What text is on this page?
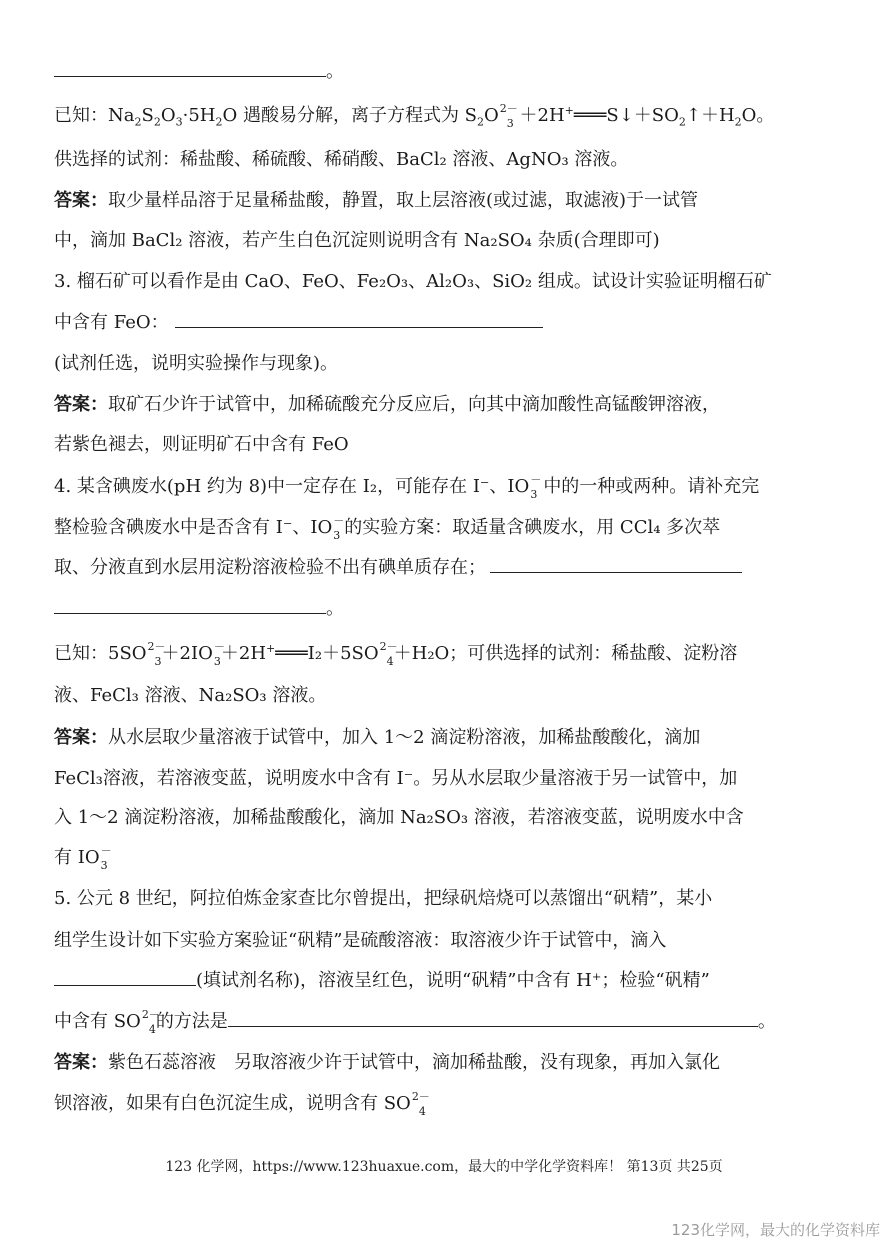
。
已知：$Na_2S_2O_3\cdot 5H_2O$ 遇酸易分解，离子方程式为 $S_2O^{2-}_3$ $+2H^+═══S↓+SO_2↑+H_2O$。
供选择的试剂：稀盐酸、稀硫酸、稀硝酸、BaCl₂ 溶液、AgNO₃ 溶液。
答案：取少量样品溶于足量稀盐酸，静置，取上层溶液(或过滤，取滤液)于一试管
中，滴加 BaCl₂ 溶液，若产生白色沉淀则说明含有 Na₂SO₄ 杂质(合理即可)
3. 榴石矿可以看作是由 CaO、FeO、Fe₂O₃、Al₂O₃、SiO₂ 组成。试设计实验证明榴石矿
中含有 FeO：
(试剂任选，说明实验操作与现象)。
答案：取矿石少许于试管中，加稀硫酸充分反应后，向其中滴加酸性高锰酸钾溶液，
若紫色褪去，则证明矿石中含有 FeO
4. 某含碘废水(pH 约为 8)中一定存在 I₂，可能存在 I⁻、$IO^-_3$ 中的一种或两种。请补充完
整检验含碘废水中是否含有 I⁻、$IO^-_3$ 的实验方案：取适量含碘废水，用 CCl₄ 多次萃
取、分液直到水层用淀粉溶液检验不出有碘单质存在；
。
已知：$5SO^{2-}_3+2IO^-_3+2H^+═══I_2+5SO^{2-}_4+H_2O$；可供选择的试剂：稀盐酸、淀粉溶
液、FeCl₃ 溶液、Na₂SO₃ 溶液。
答案：从水层取少量溶液于试管中，加入 1～2 滴淀粉溶液，加稀盐酸酸化，滴加
FeCl₃溶液，若溶液变蓝，说明废水中含有 I⁻。另从水层取少量溶液于另一试管中，加
入 1～2 滴淀粉溶液，加稀盐酸酸化，滴加 Na₂SO₃ 溶液，若溶液变蓝，说明废水中含
有 $IO^-_3$
5. 公元 8 世纪，阿拉伯炼金家查比尔曾提出，把绿矾焙烧可以蒸馏出“矾精”，某小
组学生设计如下实验方案验证“矾精”是硫酸溶液：取溶液少许于试管中，滴入
(填试剂名称)，溶液呈红色，说明“矾精”中含有 H⁺；检验“矾精”
中含有 $SO^{2-}_4$的方法是	。
答案：紫色石蕊溶液　另取溶液少许于试管中，滴加稀盐酸，没有现象，再加入氯化
钡溶液，如果有白色沉淀生成，说明含有 $SO^{2-}_4$
123 化学网，https://www.123huaxue.com，最大的中学化学资料库！ 第13页 共25页
123化学网，最大的化学资料库
